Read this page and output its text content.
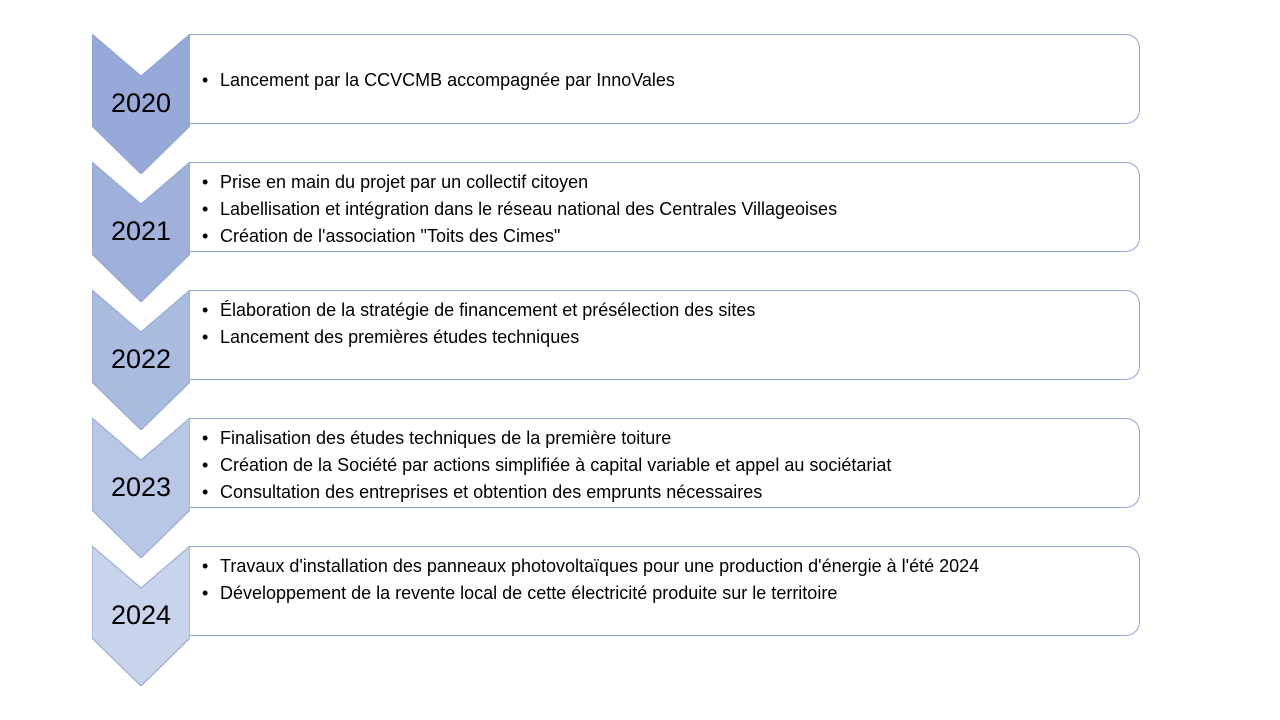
2020
• Lancement par la CCVCMB accompagnée par InnoVales
2021
• Prise en main du projet par un collectif citoyen
• Labellisation et intégration dans le réseau national des Centrales Villageoises
• Création de l'association "Toits des Cimes"
2022
• Élaboration de la stratégie de financement et présélection des sites
• Lancement des premières études techniques
2023
• Finalisation des études techniques de la première toiture
• Création de la Société par actions simplifiée à capital variable et appel au sociétariat
• Consultation des entreprises et obtention des emprunts nécessaires
2024
• Travaux d'installation des panneaux photovoltaïques pour une production d'énergie à l'été 2024
• Développement de la revente local de cette électricité produite sur le territoire
